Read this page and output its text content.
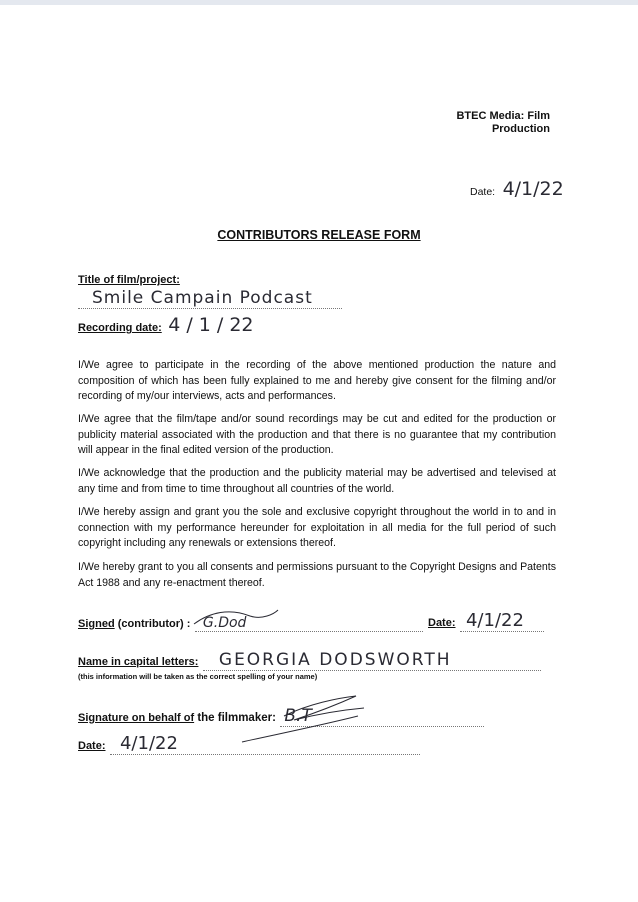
BTEC Media: Film
Production
Date: 4/1/22
CONTRIBUTORS RELEASE FORM
Title of film/project: Smile Campain Podcast
Recording date: 4 / 1 / 22

I/We agree to participate in the recording of the above mentioned production the nature and composition of which has been fully explained to me and hereby give consent for the filming and/or recording of my/our interviews, acts and performances.

I/We agree that the film/tape and/or sound recordings may be cut and edited for the production or publicity material associated with the production and that there is no guarantee that my contribution will appear in the final edited version of the production.

I/We acknowledge that the production and the publicity material may be advertised and televised at any time and from time to time throughout all countries of the world.

I/We hereby assign and grant you the sole and exclusive copyright throughout the world in to and in connection with my performance hereunder for exploitation in all media for the full period of such copyright including any renewals or extensions thereof.

I/We hereby grant to you all consents and permissions pursuant to the Copyright Designs and Patents Act 1988 and any re-enactment thereof.

Signed (contributor) : G.Dod	Date: 4/1/22
Name in capital letters: GEORGIA DODSWORTH
(this information will be taken as the correct spelling of your name)
Signature on behalf of the filmmaker: B.T
Date: 4/1/22
